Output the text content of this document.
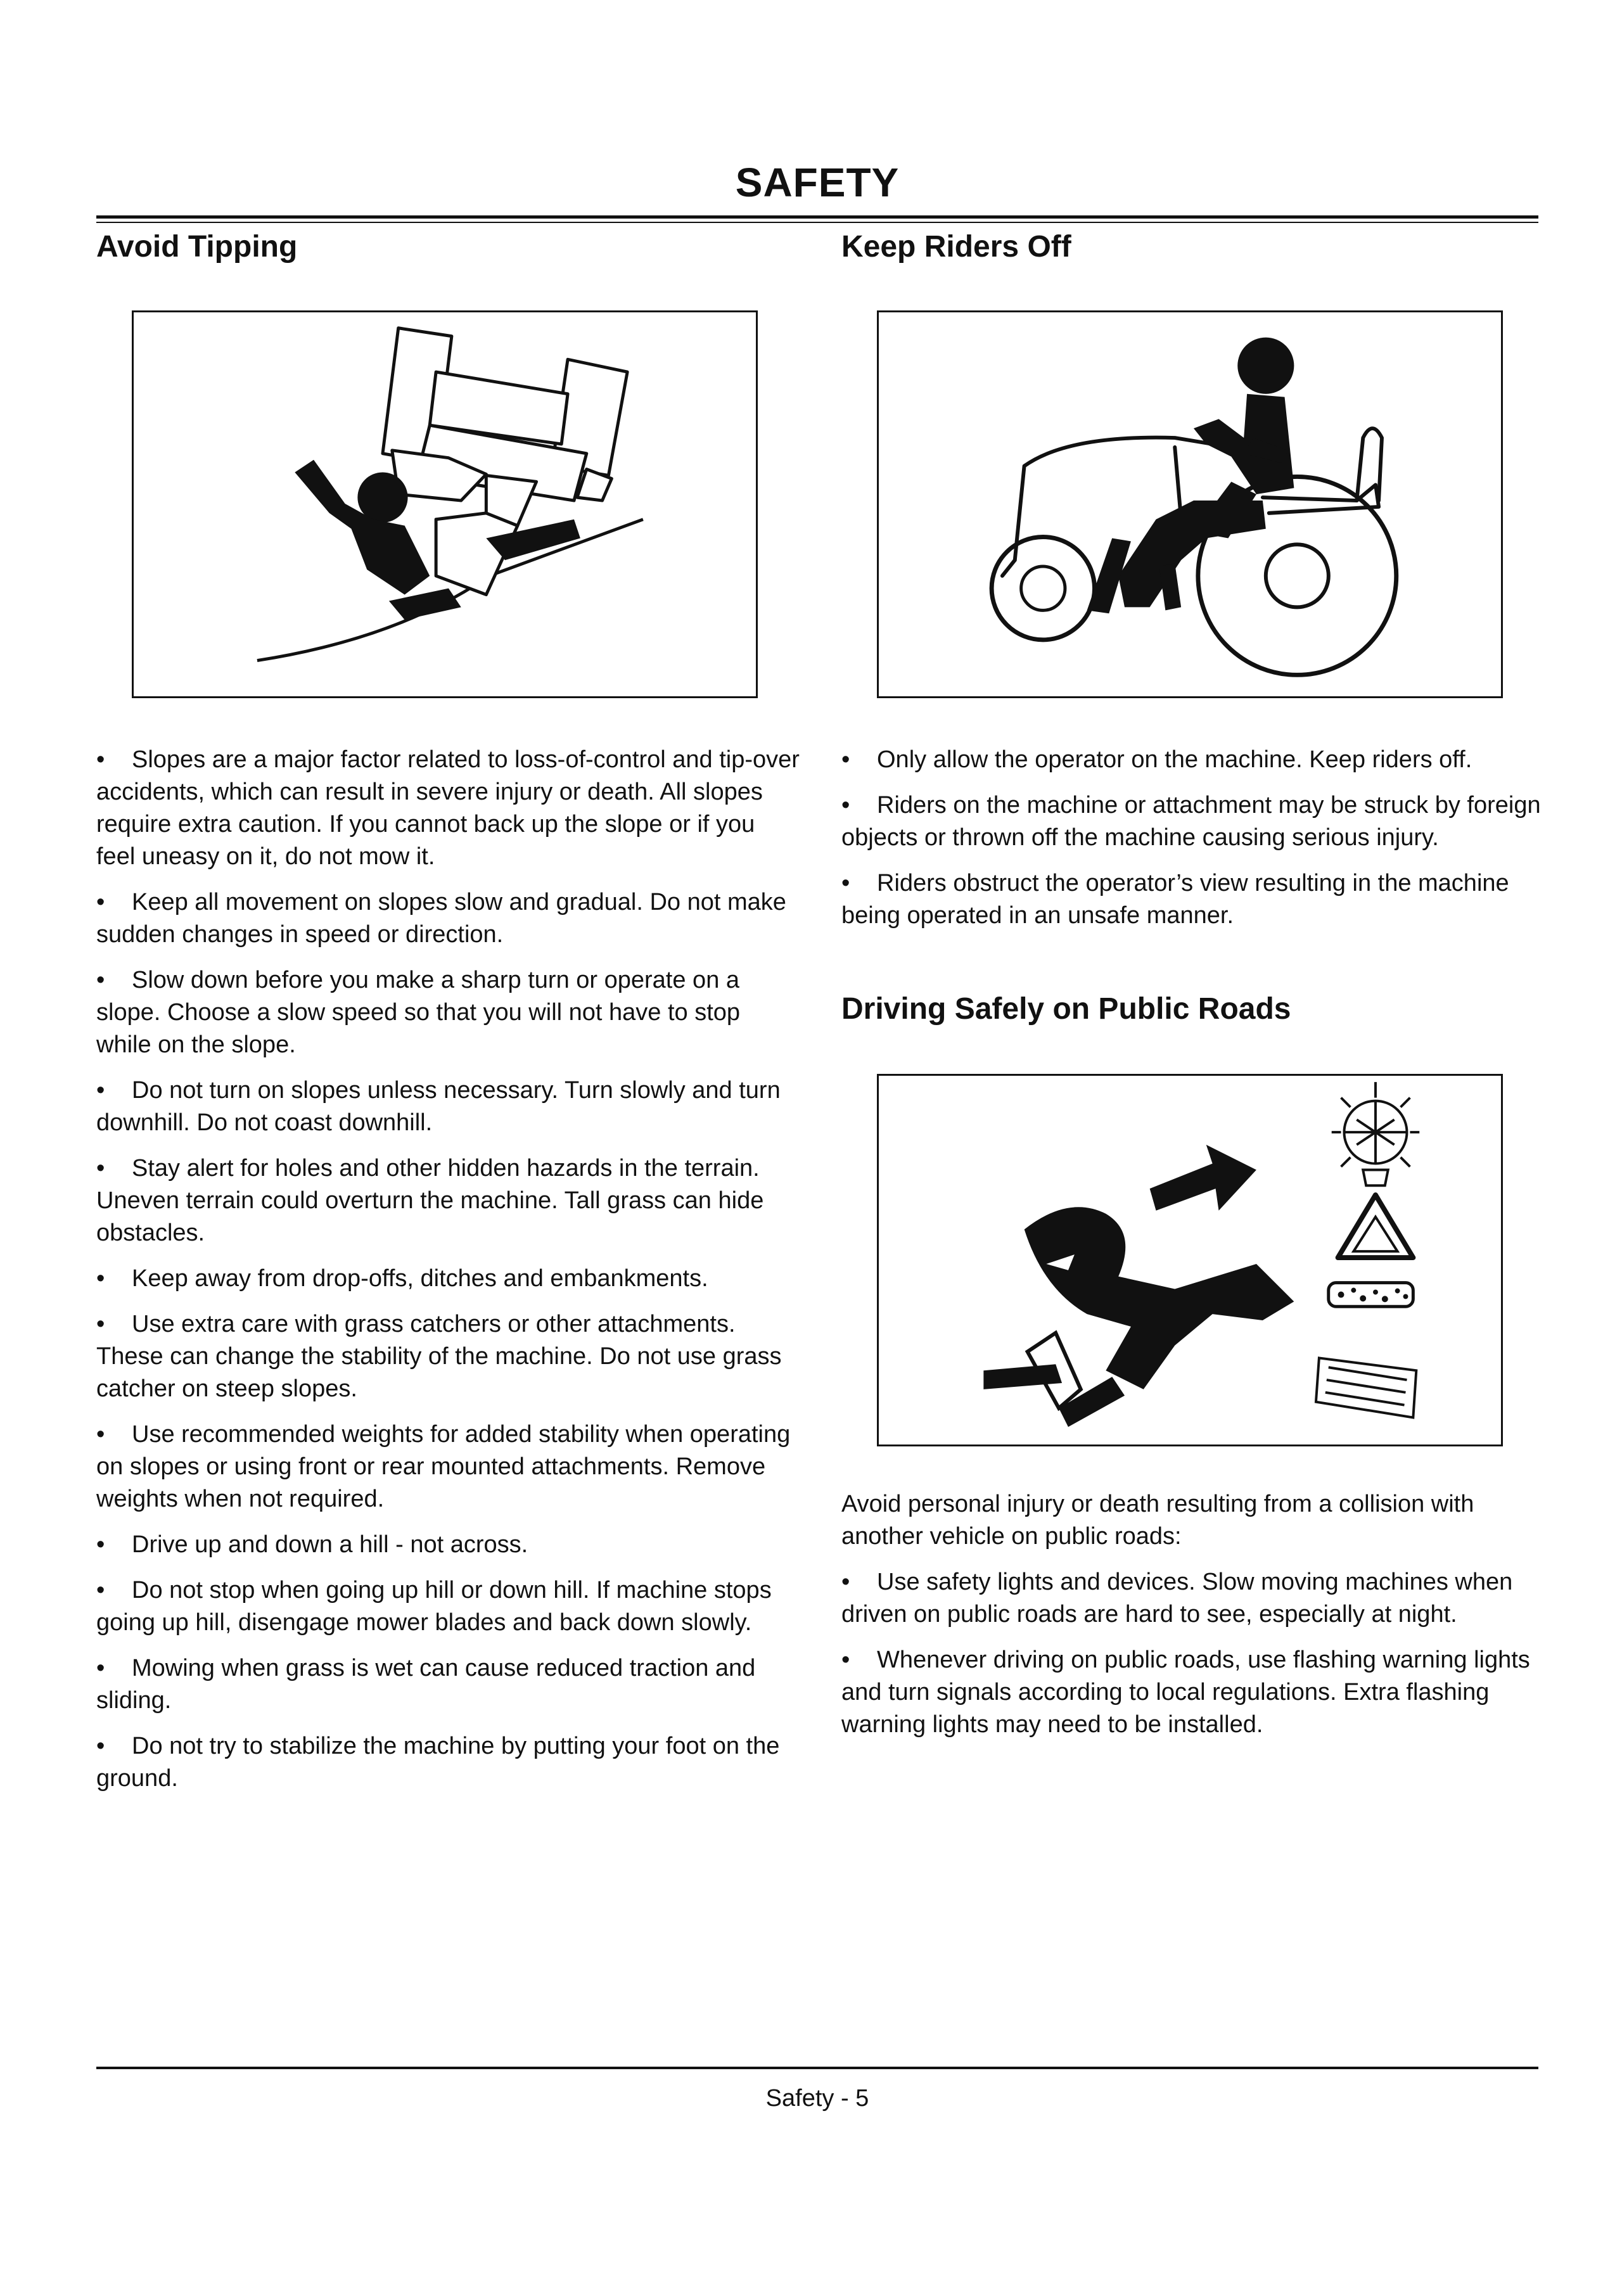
SAFETY
Avoid Tipping
• Slopes are a major factor related to loss-of-control and tip-over accidents, which can result in severe injury or death. All slopes require extra caution. If you cannot back up the slope or if you feel uneasy on it, do not mow it.
• Keep all movement on slopes slow and gradual. Do not make sudden changes in speed or direction.
• Slow down before you make a sharp turn or operate on a slope. Choose a slow speed so that you will not have to stop while on the slope.
• Do not turn on slopes unless necessary. Turn slowly and turn downhill. Do not coast downhill.
• Stay alert for holes and other hidden hazards in the terrain. Uneven terrain could overturn the machine. Tall grass can hide obstacles.
• Keep away from drop-offs, ditches and embankments.
• Use extra care with grass catchers or other attachments. These can change the stability of the machine. Do not use grass catcher on steep slopes.
• Use recommended weights for added stability when operating on slopes or using front or rear mounted attachments. Remove weights when not required.
• Drive up and down a hill - not across.
• Do not stop when going up hill or down hill. If machine stops going up hill, disengage mower blades and back down slowly.
• Mowing when grass is wet can cause reduced traction and sliding.
• Do not try to stabilize the machine by putting your foot on the ground.
Keep Riders Off
• Only allow the operator on the machine. Keep riders off.
• Riders on the machine or attachment may be struck by foreign objects or thrown off the machine causing serious injury.
• Riders obstruct the operator’s view resulting in the machine being operated in an unsafe manner.
Driving Safely on Public Roads

Avoid personal injury or death resulting from a collision with another vehicle on public roads:

• Use safety lights and devices. Slow moving machines when driven on public roads are hard to see, especially at night.
• Whenever driving on public roads, use flashing warning lights and turn signals according to local regulations. Extra flashing warning lights may need to be installed.
Safety - 5
